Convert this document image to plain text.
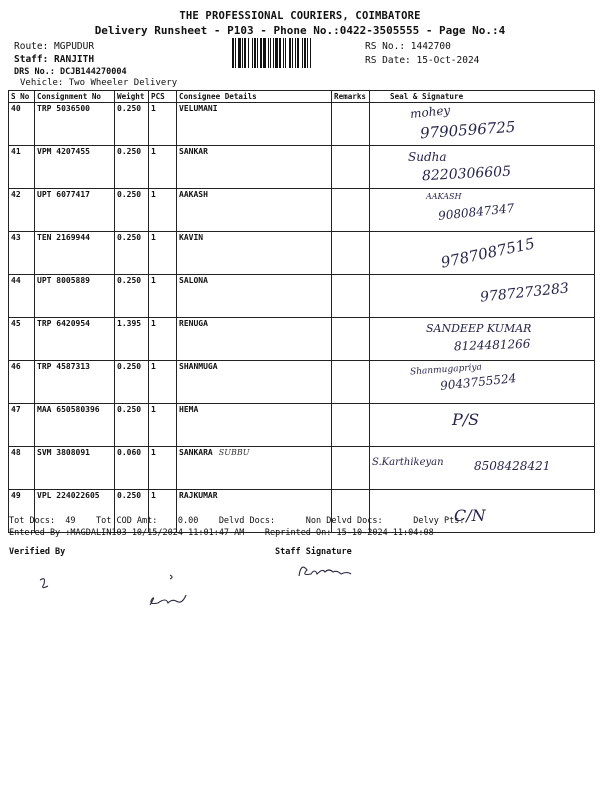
THE PROFESSIONAL COURIERS, COIMBATORE
Delivery Runsheet - P103 - Phone No.:0422-3505555 - Page No.:4
Route: MGPUDUR
Staff: RANJITH
DRS No.: DCJB144270004
Vehicle: Two Wheeler Delivery
RS No.: 1442700
RS Date: 15-Oct-2024
S No	Consignment No	Weight	PCS	Consignee Details	Remarks	Seal & Signature
40	TRP 5036500	0.250	1	VELUMANI		mohey
9790596725

41	VPM 4207455	0.250	1	SANKAR		Sudha
8220306605

42	UPT 6077417	0.250	1	AAKASH		AAKASH
9080847347

43	TEN 2169944	0.250	1	KAVIN		9787087515

44	UPT 8005889	0.250	1	SALONA		9787273283

45	TRP 6420954	1.395	1	RENUGA		SANDEEP KUMAR
8124481266

46	TRP 4587313	0.250	1	SHANMUGA		Shanmugapriya
9043755524

47	MAA 650580396	0.250	1	HEMA		P/S

48	SVM 3808091	0.060	1	SANKARA SUBBU		S.Karthikeyan 8508428421

49	VPL 224022605	0.250	1	RAJKUMAR		C/N
Tot Docs:  49    Tot COD Amt:    0.00    Delvd Docs:      Non Delvd Docs:      Delvy Pts:
Entered By :MAGDALIN103 10/15/2024 11:01:47 AM    Reprinted On: 15-10-2024 11:04:08
Verified By	Staff Signature
